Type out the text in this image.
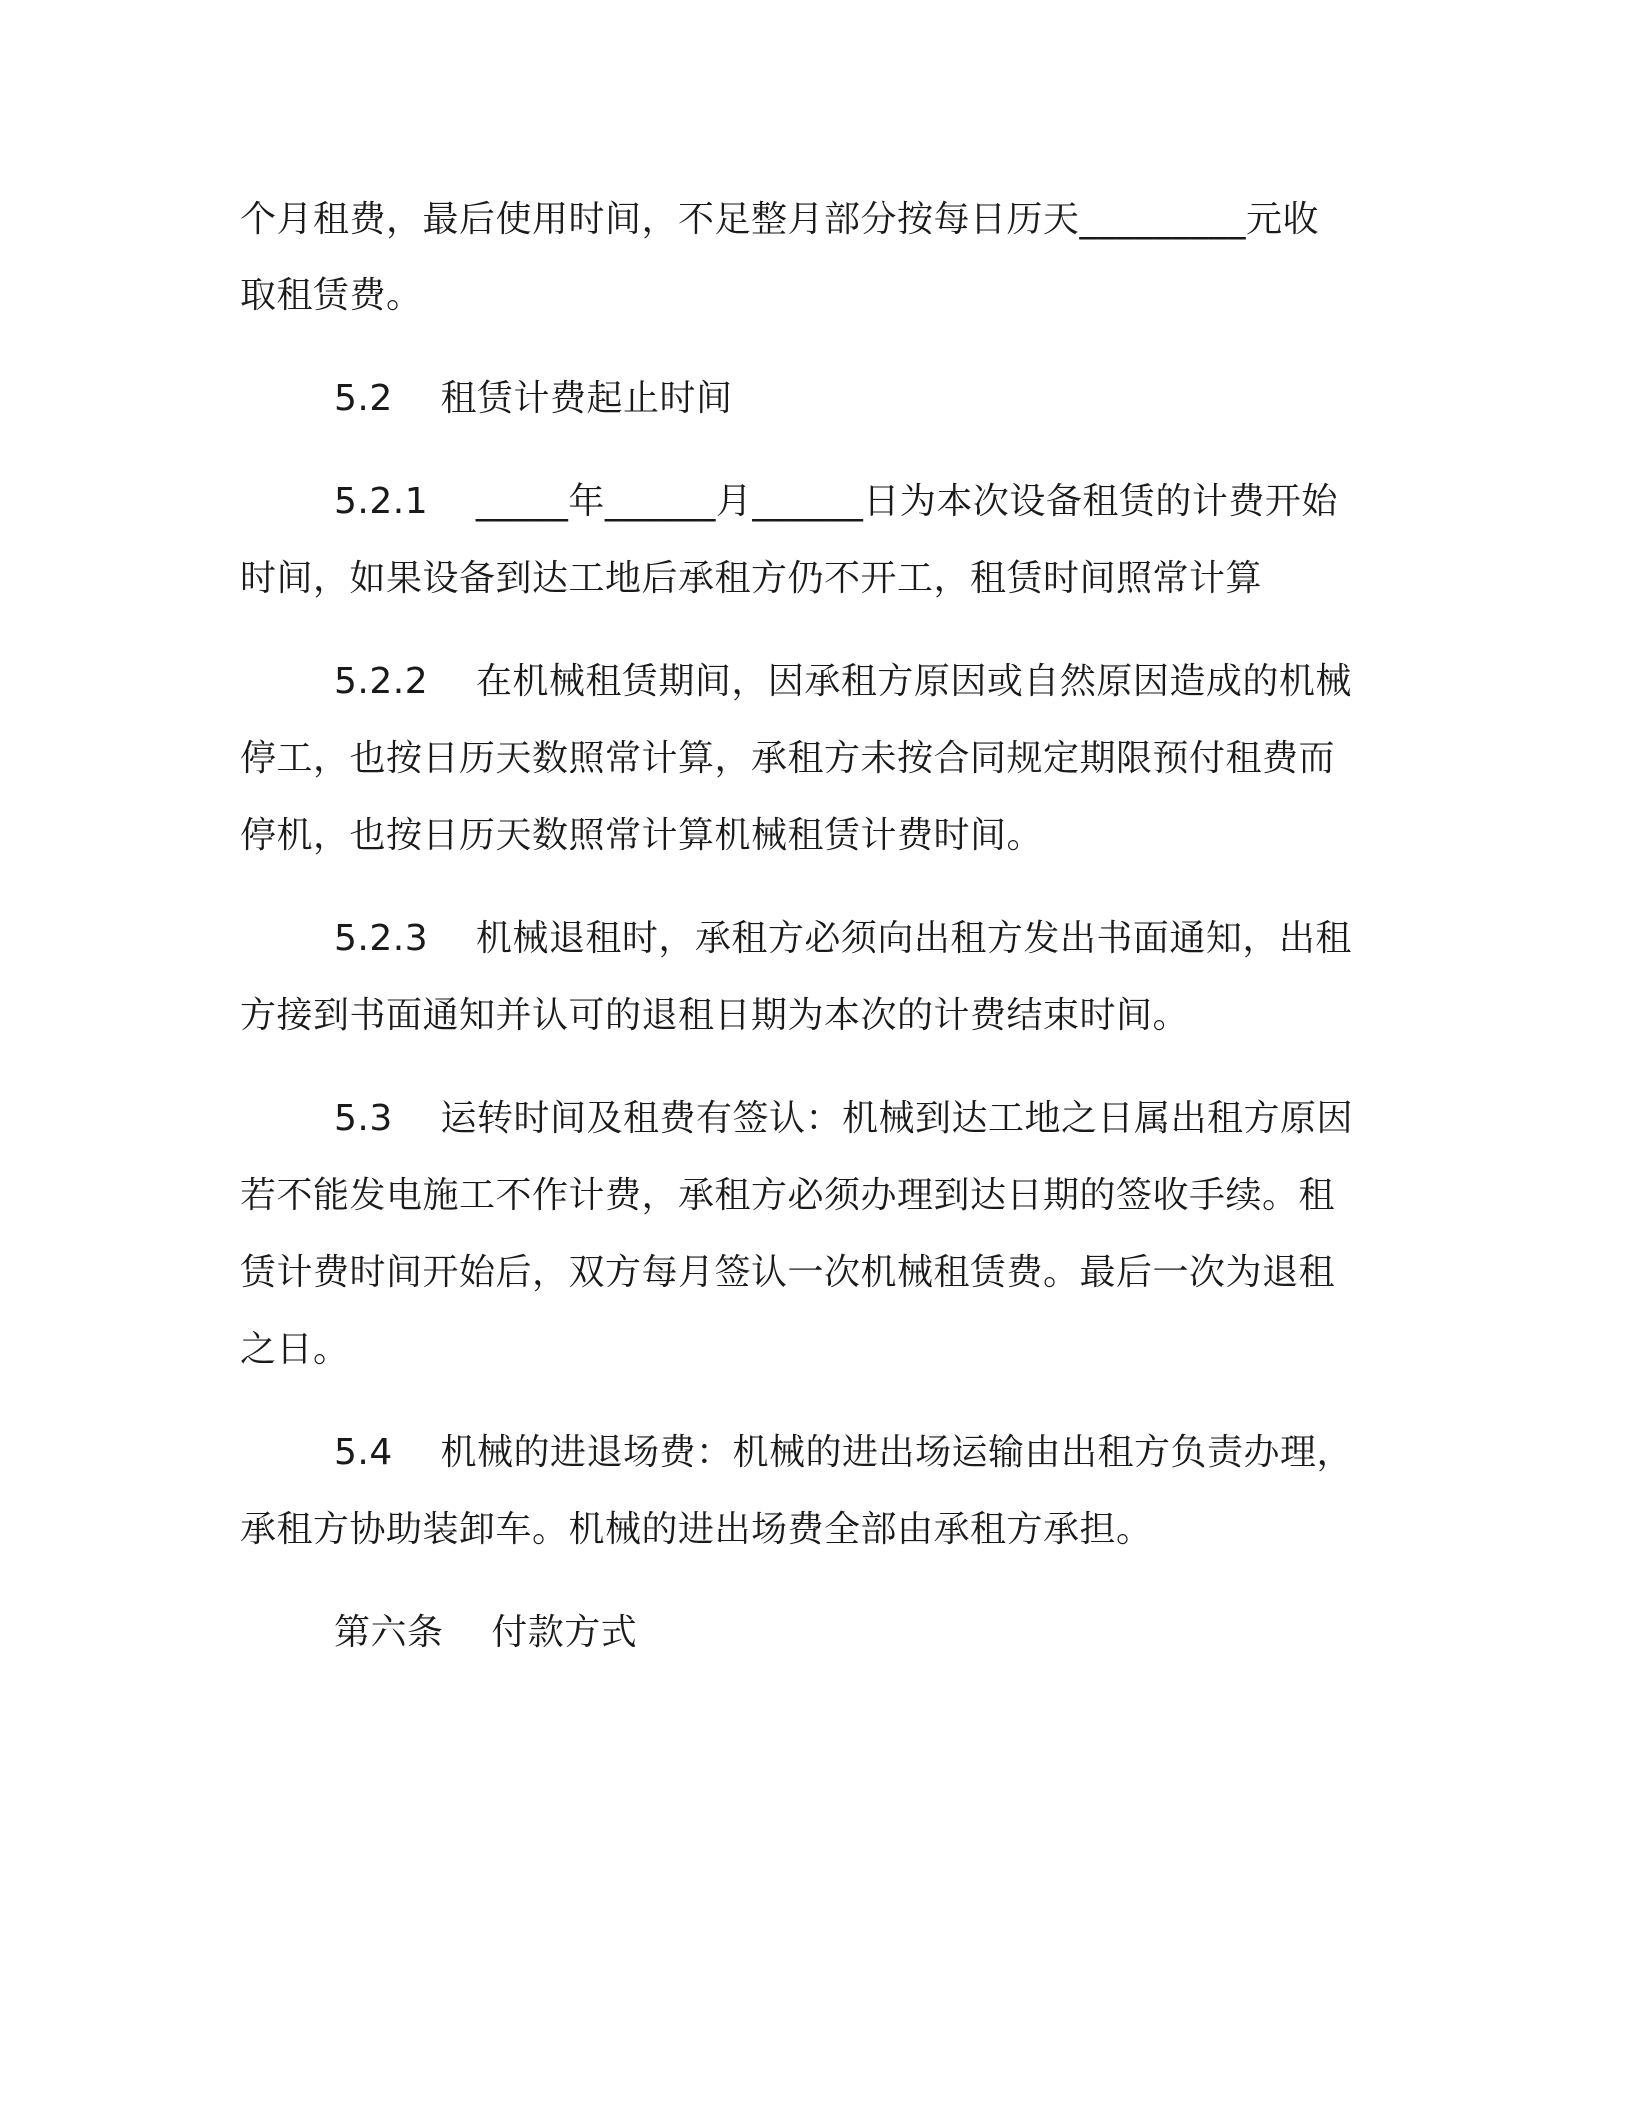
个月租费，最后使用时间，不足整月部分按每日历天_________元收
取租赁费。
5.2    租赁计费起止时间
5.2.1    _____年______月______日为本次设备租赁的计费开始
时间，如果设备到达工地后承租方仍不开工，租赁时间照常计算
5.2.2    在机械租赁期间，因承租方原因或自然原因造成的机械
停工，也按日历天数照常计算，承租方未按合同规定期限预付租费而
停机，也按日历天数照常计算机械租赁计费时间。
5.2.3    机械退租时，承租方必须向出租方发出书面通知，出租
方接到书面通知并认可的退租日期为本次的计费结束时间。
5.3    运转时间及租费有签认：机械到达工地之日属出租方原因
若不能发电施工不作计费，承租方必须办理到达日期的签收手续。租
赁计费时间开始后，双方每月签认一次机械租赁费。最后一次为退租
之日。
5.4    机械的进退场费：机械的进出场运输由出租方负责办理，
承租方协助装卸车。机械的进出场费全部由承租方承担。
第六条    付款方式
